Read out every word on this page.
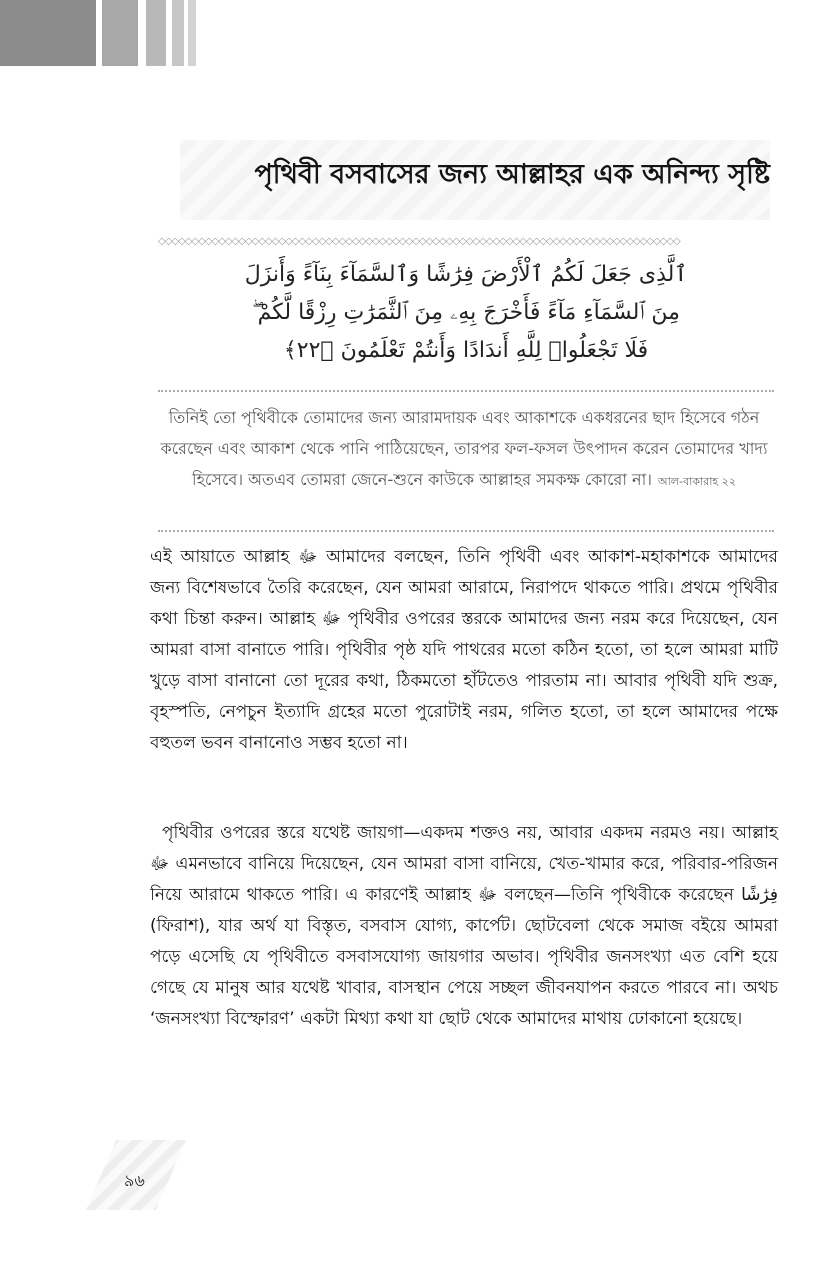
পৃথিবী বসবাসের জন্য আল্লাহর এক অনিন্দ্য সৃষ্টি
◇◇◇◇◇◇◇◇◇◇◇◇◇◇◇◇◇◇◇◇◇◇◇◇◇◇◇◇◇◇◇◇◇◇◇◇◇◇◇◇◇◇◇◇◇◇◇◇◇◇◇◇◇◇◇◇◇◇◇◇◇◇◇◇◇◇◇◇◇◇◇◇◇◇◇◇◇◇
ٱلَّذِى جَعَلَ لَكُمُ ٱلْأَرْضَ فِرَٰشًا وَٱلسَّمَآءَ بِنَآءً وَأَنزَلَ
مِنَ ٱلسَّمَآءِ مَآءً فَأَخْرَجَ بِهِۦ مِنَ ٱلثَّمَرَٰتِ رِزْقًا لَّكُمْ ۖ
فَلَا تَجْعَلُوا۟ لِلَّهِ أَندَادًا وَأَنتُمْ تَعْلَمُونَ ﴿٢٢﴾
তিনিই তো পৃথিবীকে তোমাদের জন্য আরামদায়ক এবং আকাশকে একধরনের ছাদ হিসেবে গঠন করেছেন এবং আকাশ থেকে পানি পাঠিয়েছেন, তারপর ফল-ফসল উৎপাদন করেন তোমাদের খাদ্য হিসেবে। অতএব তোমরা জেনে-শুনে কাউকে আল্লাহর সমকক্ষ কোরো না। আল-বাকারাহ ২২

এই আয়াতে আল্লাহ ﷻ আমাদের বলছেন, তিনি পৃথিবী এবং আকাশ-মহাকাশকে আমাদের জন্য বিশেষভাবে তৈরি করেছেন, যেন আমরা আরামে, নিরাপদে থাকতে পারি। প্রথমে পৃথিবীর কথা চিন্তা করুন। আল্লাহ ﷻ পৃথিবীর ওপরের স্তরকে আমাদের জন্য নরম করে দিয়েছেন, যেন আমরা বাসা বানাতে পারি। পৃথিবীর পৃষ্ঠ যদি পাথরের মতো কঠিন হতো, তা হলে আমরা মাটি খুড়ে বাসা বানানো তো দূরের কথা, ঠিকমতো হাঁটতেও পারতাম না। আবার পৃথিবী যদি শুক্র, বৃহস্পতি, নেপচুন ইত্যাদি গ্রহের মতো পুরোটাই নরম, গলিত হতো, তা হলে আমাদের পক্ষে বহুতল ভবন বানানোও সম্ভব হতো না।

পৃথিবীর ওপরের স্তরে যথেষ্ট জায়গা—একদম শক্তও নয়, আবার একদম নরমও নয়। আল্লাহ ﷻ এমনভাবে বানিয়ে দিয়েছেন, যেন আমরা বাসা বানিয়ে, খেত-খামার করে, পরিবার-পরিজন নিয়ে আরামে থাকতে পারি। এ কারণেই আল্লাহ ﷻ বলছেন—তিনি পৃথিবীকে করেছেন فِرَٰشًا (ফিরাশ), যার অর্থ যা বিস্তৃত, বসবাস যোগ্য, কার্পেট। ছোটবেলা থেকে সমাজ বইয়ে আমরা পড়ে এসেছি যে পৃথিবীতে বসবাসযোগ্য জায়গার অভাব। পৃথিবীর জনসংখ্যা এত বেশি হয়ে গেছে যে মানুষ আর যথেষ্ট খাবার, বাসস্থান পেয়ে সচ্ছল জীবনযাপন করতে পারবে না। অথচ ‘জনসংখ্যা বিস্ফোরণ’ একটা মিথ্যা কথা যা ছোট থেকে আমাদের মাথায় ঢোকানো হয়েছে।

৯৬
